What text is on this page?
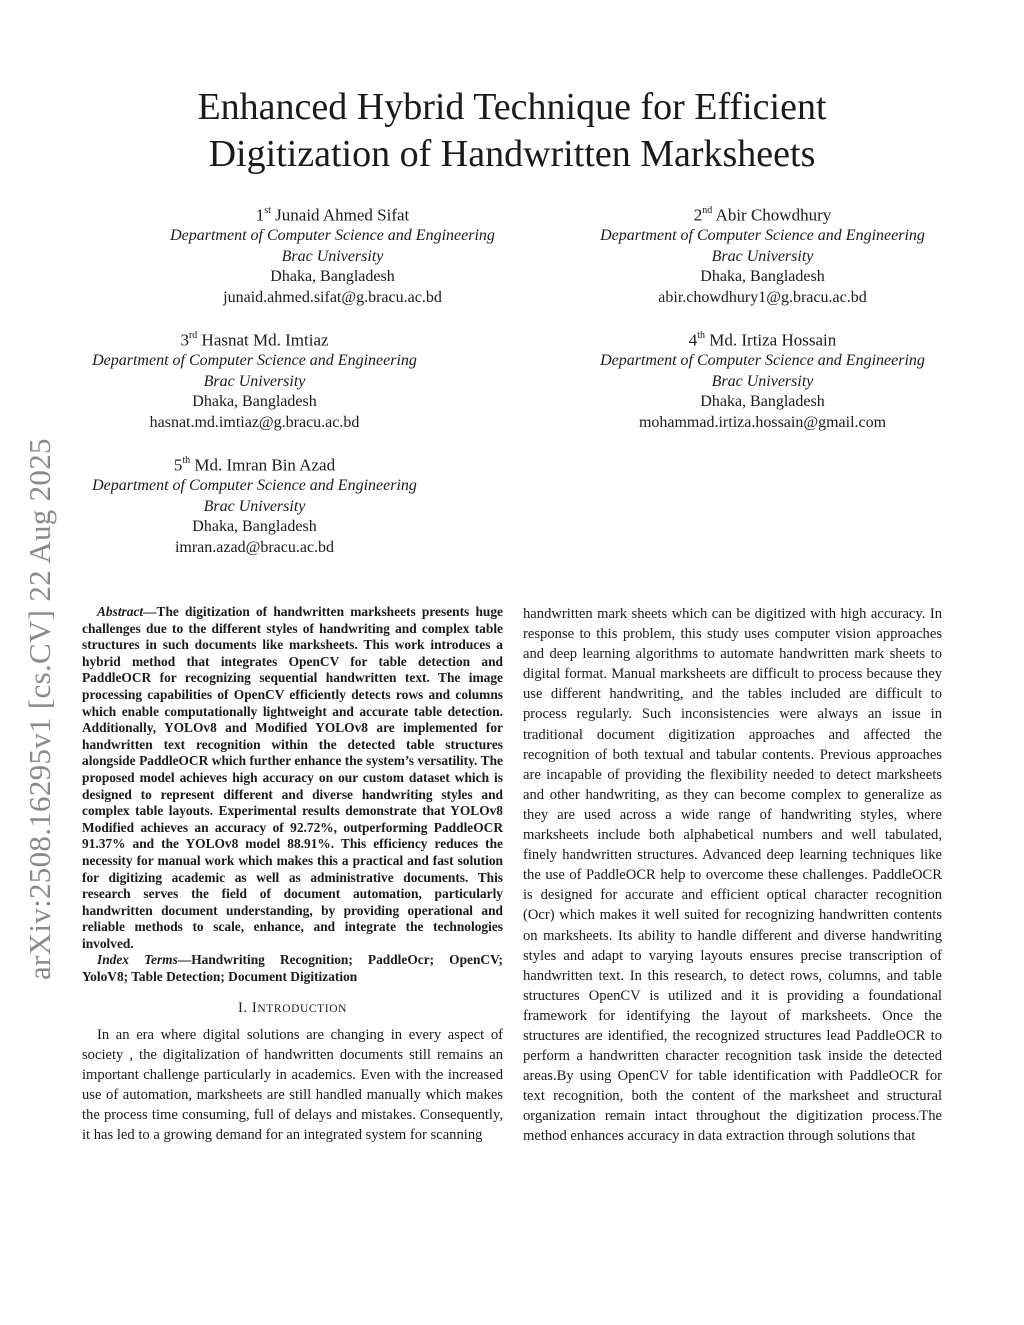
arXiv:2508.16295v1 [cs.CV] 22 Aug 2025
Enhanced Hybrid Technique for Efficient
Digitization of Handwritten Marksheets
1st Junaid Ahmed Sifat
Department of Computer Science and Engineering
Brac University
Dhaka, Bangladesh
junaid.ahmed.sifat@g.bracu.ac.bd
2nd Abir Chowdhury
Department of Computer Science and Engineering
Brac University
Dhaka, Bangladesh
abir.chowdhury1@g.bracu.ac.bd
3rd Hasnat Md. Imtiaz
Department of Computer Science and Engineering
Brac University
Dhaka, Bangladesh
hasnat.md.imtiaz@g.bracu.ac.bd
4th Md. Irtiza Hossain
Department of Computer Science and Engineering
Brac University
Dhaka, Bangladesh
mohammad.irtiza.hossain@gmail.com
5th Md. Imran Bin Azad
Department of Computer Science and Engineering
Brac University
Dhaka, Bangladesh
imran.azad@bracu.ac.bd

Abstract—The digitization of handwritten marksheets presents huge challenges due to the different styles of handwriting and complex table structures in such documents like marksheets. This work introduces a hybrid method that integrates OpenCV for table detection and PaddleOCR for recognizing sequential handwritten text. The image processing capabilities of OpenCV efficiently detects rows and columns which enable computationally lightweight and accurate table detection. Additionally, YOLOv8 and Modified YOLOv8 are implemented for handwritten text recognition within the detected table structures alongside PaddleOCR which further enhance the system’s versatility. The proposed model achieves high accuracy on our custom dataset which is designed to represent different and diverse handwriting styles and complex table layouts. Experimental results demonstrate that YOLOv8 Modified achieves an accuracy of 92.72%, outperforming PaddleOCR 91.37% and the YOLOv8 model 88.91%. This efficiency reduces the necessity for manual work which makes this a practical and fast solution for digitizing academic as well as administrative documents. This research serves the field of document automation, particularly handwritten document understanding, by providing operational and reliable methods to scale, enhance, and integrate the technologies involved.

Index Terms—Handwriting Recognition; PaddleOcr; OpenCV; YoloV8; Table Detection; Document Digitization

I. INTRODUCTION

In an era where digital solutions are changing in every aspect of society , the digitalization of handwritten documents still remains an important challenge particularly in academics. Even with the increased use of automation, marksheets are still handled manually which makes the process time consuming, full of delays and mistakes. Consequently, it has led to a growing demand for an integrated system for scanning

handwritten mark sheets which can be digitized with high accuracy. In response to this problem, this study uses computer vision approaches and deep learning algorithms to automate handwritten mark sheets to digital format. Manual marksheets are difficult to process because they use different handwriting, and the tables included are difficult to process regularly. Such inconsistencies were always an issue in traditional document digitization approaches and affected the recognition of both textual and tabular contents. Previous approaches are incapable of providing the flexibility needed to detect marksheets and other handwriting, as they can become complex to generalize as they are used across a wide range of handwriting styles, where marksheets include both alphabetical numbers and well tabulated, finely handwritten structures. Advanced deep learning techniques like the use of PaddleOCR help to overcome these challenges. PaddleOCR is designed for accurate and efficient optical character recognition (Ocr) which makes it well suited for recognizing handwritten contents on marksheets. Its ability to handle different and diverse handwriting styles and adapt to varying layouts ensures precise transcription of handwritten text. In this research, to detect rows, columns, and table structures OpenCV is utilized and it is providing a foundational framework for identifying the layout of marksheets. Once the structures are identified, the recognized structures lead PaddleOCR to perform a handwritten character recognition task inside the detected areas.By using OpenCV for table identification with PaddleOCR for text recognition, both the content of the marksheet and structural organization remain intact throughout the digitization process.The method enhances accuracy in data extraction through solutions that
